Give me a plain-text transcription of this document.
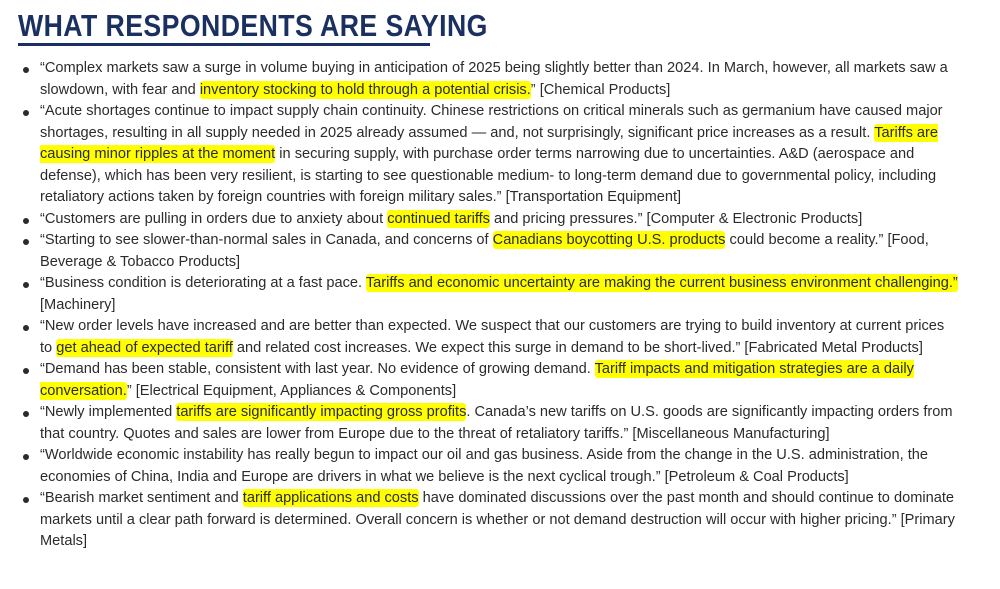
WHAT RESPONDENTS ARE SAYING
“Complex markets saw a surge in volume buying in anticipation of 2025 being slightly better than 2024. In March, however, all markets saw a slowdown, with fear and inventory stocking to hold through a potential crisis.” [Chemical Products]
“Acute shortages continue to impact supply chain continuity. Chinese restrictions on critical minerals such as germanium have caused major shortages, resulting in all supply needed in 2025 already assumed — and, not surprisingly, significant price increases as a result. Tariffs are causing minor ripples at the moment in securing supply, with purchase order terms narrowing due to uncertainties. A&D (aerospace and defense), which has been very resilient, is starting to see questionable medium- to long-term demand due to governmental policy, including retaliatory actions taken by foreign countries with foreign military sales.” [Transportation Equipment]
“Customers are pulling in orders due to anxiety about continued tariffs and pricing pressures.” [Computer & Electronic Products]
“Starting to see slower-than-normal sales in Canada, and concerns of Canadians boycotting U.S. products could become a reality.” [Food, Beverage & Tobacco Products]
“Business condition is deteriorating at a fast pace. Tariffs and economic uncertainty are making the current business environment challenging.” [Machinery]
“New order levels have increased and are better than expected. We suspect that our customers are trying to build inventory at current prices to get ahead of expected tariff and related cost increases. We expect this surge in demand to be short-lived.” [Fabricated Metal Products]
“Demand has been stable, consistent with last year. No evidence of growing demand. Tariff impacts and mitigation strategies are a daily conversation.” [Electrical Equipment, Appliances & Components]
“Newly implemented tariffs are significantly impacting gross profits. Canada’s new tariffs on U.S. goods are significantly impacting orders from that country. Quotes and sales are lower from Europe due to the threat of retaliatory tariffs.” [Miscellaneous Manufacturing]
“Worldwide economic instability has really begun to impact our oil and gas business. Aside from the change in the U.S. administration, the economies of China, India and Europe are drivers in what we believe is the next cyclical trough.” [Petroleum & Coal Products]
“Bearish market sentiment and tariff applications and costs have dominated discussions over the past month and should continue to dominate markets until a clear path forward is determined. Overall concern is whether or not demand destruction will occur with higher pricing.” [Primary Metals]
